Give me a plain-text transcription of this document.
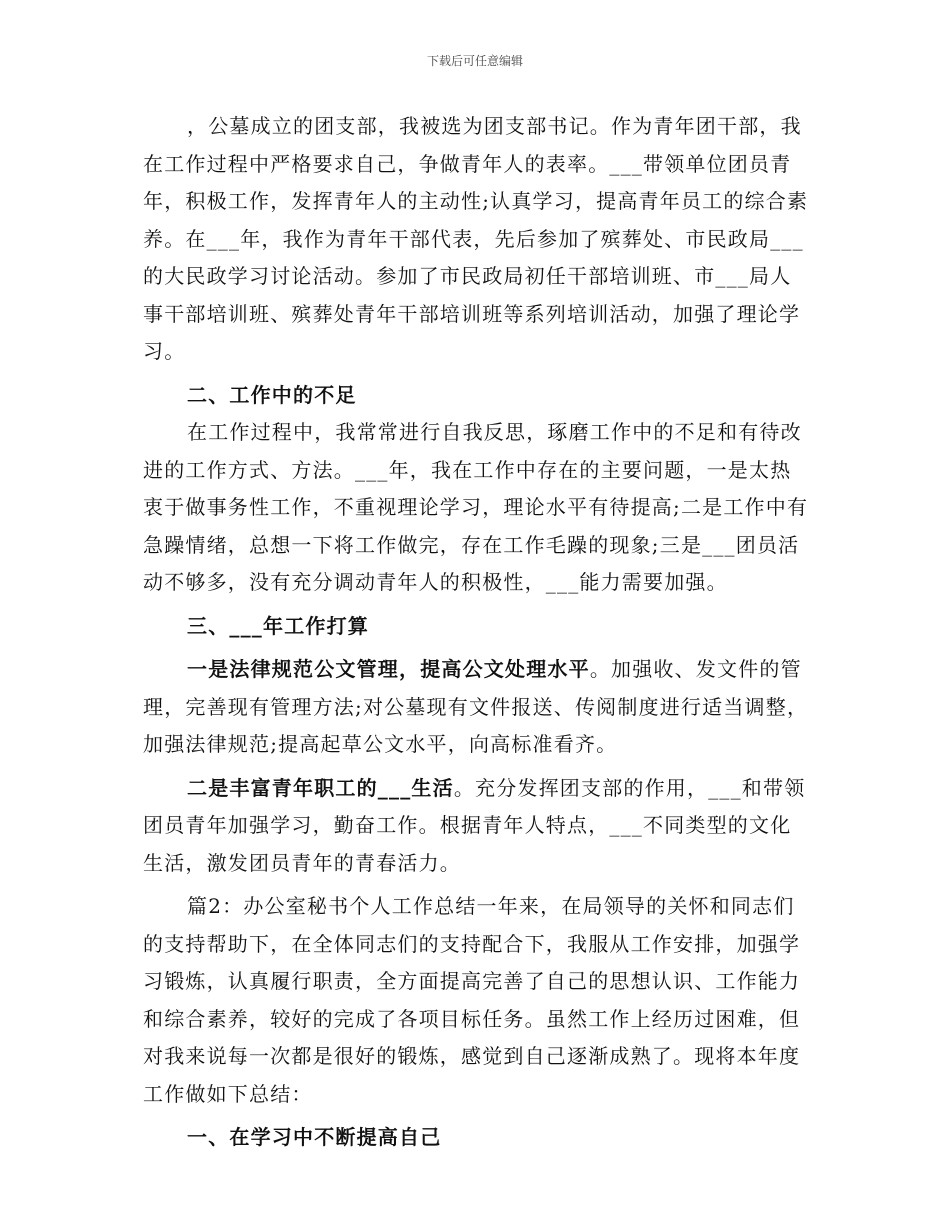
下载后可任意编辑

，公墓成立的团支部，我被选为团支部书记。作为青年团干部，我在工作过程中严格要求自己，争做青年人的表率。___带领单位团员青年，积极工作，发挥青年人的主动性;认真学习，提高青年员工的综合素养。在___年，我作为青年干部代表，先后参加了殡葬处、市民政局___的大民政学习讨论活动。参加了市民政局初任干部培训班、市___局人事干部培训班、殡葬处青年干部培训班等系列培训活动，加强了理论学习。

二、工作中的不足

在工作过程中，我常常进行自我反思，琢磨工作中的不足和有待改进的工作方式、方法。___年，我在工作中存在的主要问题，一是太热衷于做事务性工作，不重视理论学习，理论水平有待提高;二是工作中有急躁情绪，总想一下将工作做完，存在工作毛躁的现象;三是___团员活动不够多，没有充分调动青年人的积极性，___能力需要加强。

三、___年工作打算

一是法律规范公文管理，提高公文处理水平。加强收、发文件的管理，完善现有管理方法;对公墓现有文件报送、传阅制度进行适当调整，加强法律规范;提高起草公文水平，向高标准看齐。

二是丰富青年职工的___生活。充分发挥团支部的作用，___和带领团员青年加强学习，勤奋工作。根据青年人特点，___不同类型的文化生活，激发团员青年的青春活力。

篇2：办公室秘书个人工作总结一年来，在局领导的关怀和同志们的支持帮助下，在全体同志们的支持配合下，我服从工作安排，加强学习锻炼，认真履行职责，全方面提高完善了自己的思想认识、工作能力和综合素养，较好的完成了各项目标任务。虽然工作上经历过困难，但对我来说每一次都是很好的锻炼，感觉到自己逐渐成熟了。现将本年度工作做如下总结：

一、在学习中不断提高自己
